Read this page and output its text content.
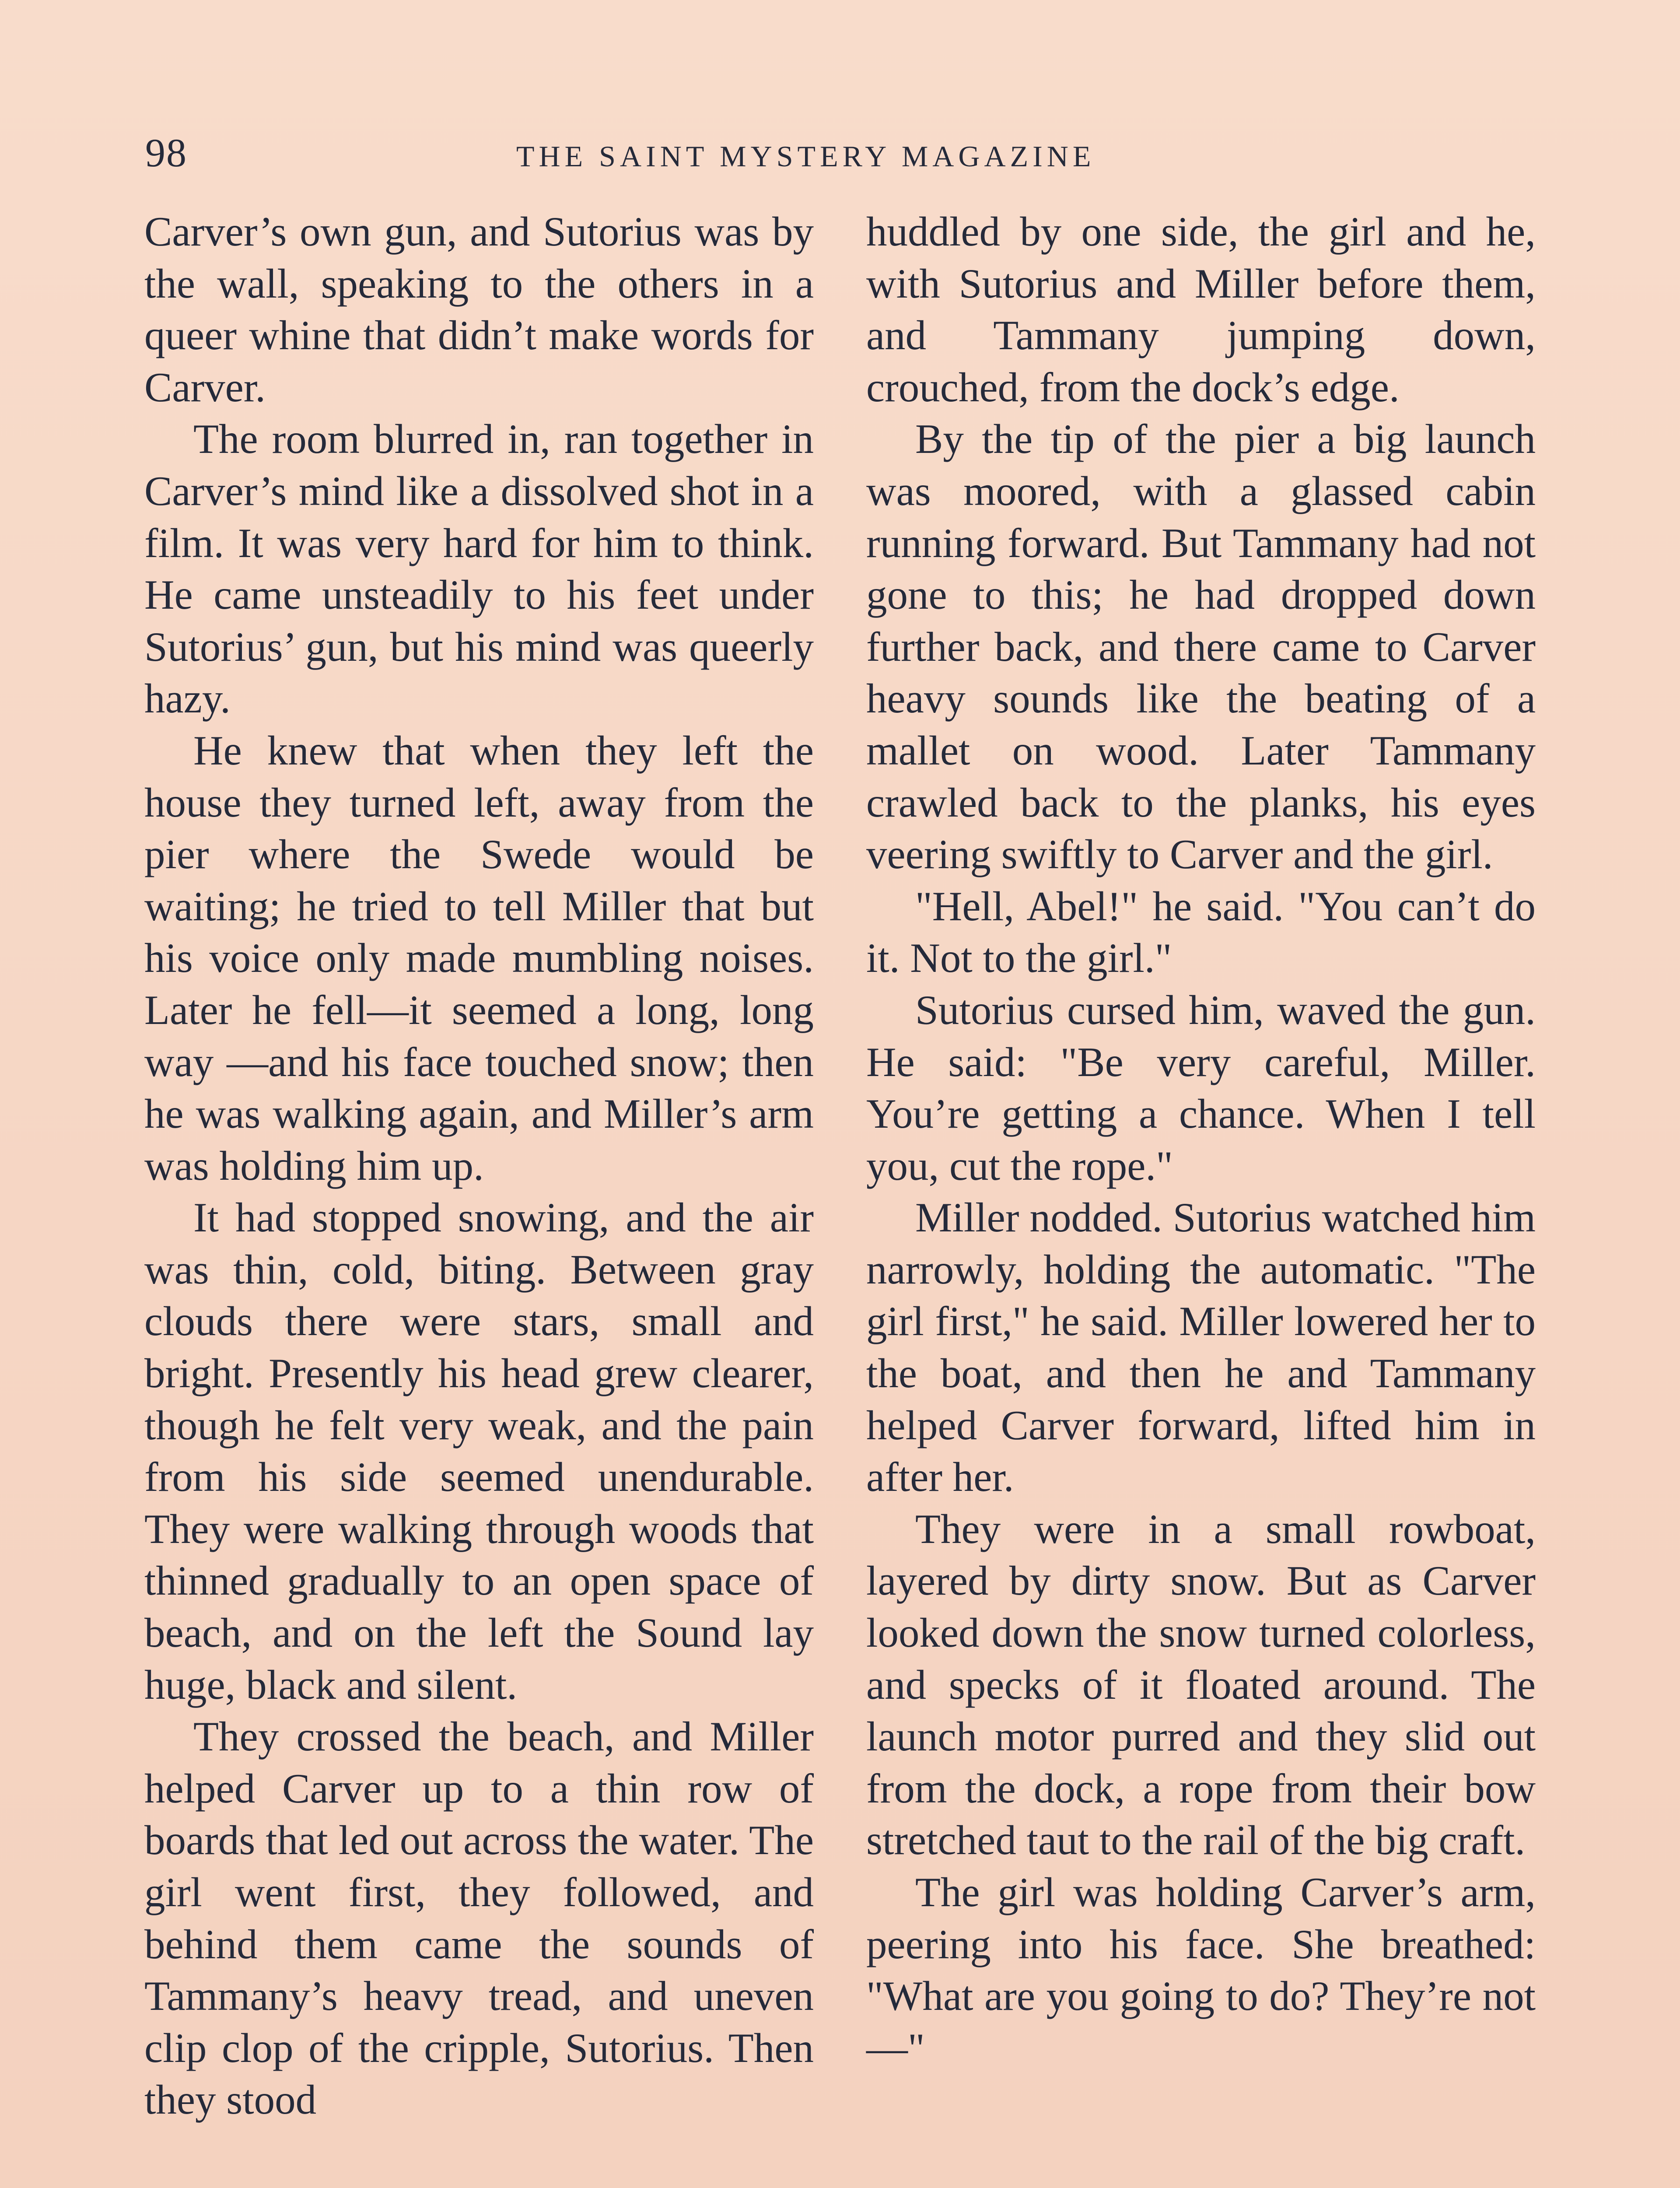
98	THE SAINT MYSTERY MAGAZINE

Carver’s own gun, and Sutorius was by the wall, speaking to the others in a queer whine that didn’t make words for Carver.

The room blurred in, ran together in Carver’s mind like a dissolved shot in a film. It was very hard for him to think. He came unsteadily to his feet under Sutorius’ gun, but his mind was queerly hazy.

He knew that when they left the house they turned left, away from the pier where the Swede would be waiting; he tried to tell Miller that but his voice only made mumbling noises. Later he fell—it seemed a long, long way —and his face touched snow; then he was walking again, and Miller’s arm was holding him up.

It had stopped snowing, and the air was thin, cold, biting. Between gray clouds there were stars, small and bright. Presently his head grew clearer, though he felt very weak, and the pain from his side seemed unendurable. They were walking through woods that thinned gradually to an open space of beach, and on the left the Sound lay huge, black and silent.

They crossed the beach, and Miller helped Carver up to a thin row of boards that led out across the water. The girl went first, they followed, and behind them came the sounds of Tammany’s heavy tread, and uneven clip clop of the cripple, Sutorius. Then they stood

huddled by one side, the girl and he, with Sutorius and Miller before them, and Tammany jumping down, crouched, from the dock’s edge.

By the tip of the pier a big launch was moored, with a glassed cabin running forward. But Tammany had not gone to this; he had dropped down further back, and there came to Carver heavy sounds like the beating of a mallet on wood. Later Tammany crawled back to the planks, his eyes veering swiftly to Carver and the girl.

"Hell, Abel!" he said. "You can’t do it. Not to the girl."

Sutorius cursed him, waved the gun. He said: "Be very careful, Miller. You’re getting a chance. When I tell you, cut the rope."

Miller nodded. Sutorius watched him narrowly, holding the automatic. "The girl first," he said. Miller lowered her to the boat, and then he and Tammany helped Carver forward, lifted him in after her.

They were in a small rowboat, layered by dirty snow. But as Carver looked down the snow turned colorless, and specks of it floated around. The launch motor purred and they slid out from the dock, a rope from their bow stretched taut to the rail of the big craft.

The girl was holding Carver’s arm, peering into his face. She breathed: "What are you going to do? They’re not—"
